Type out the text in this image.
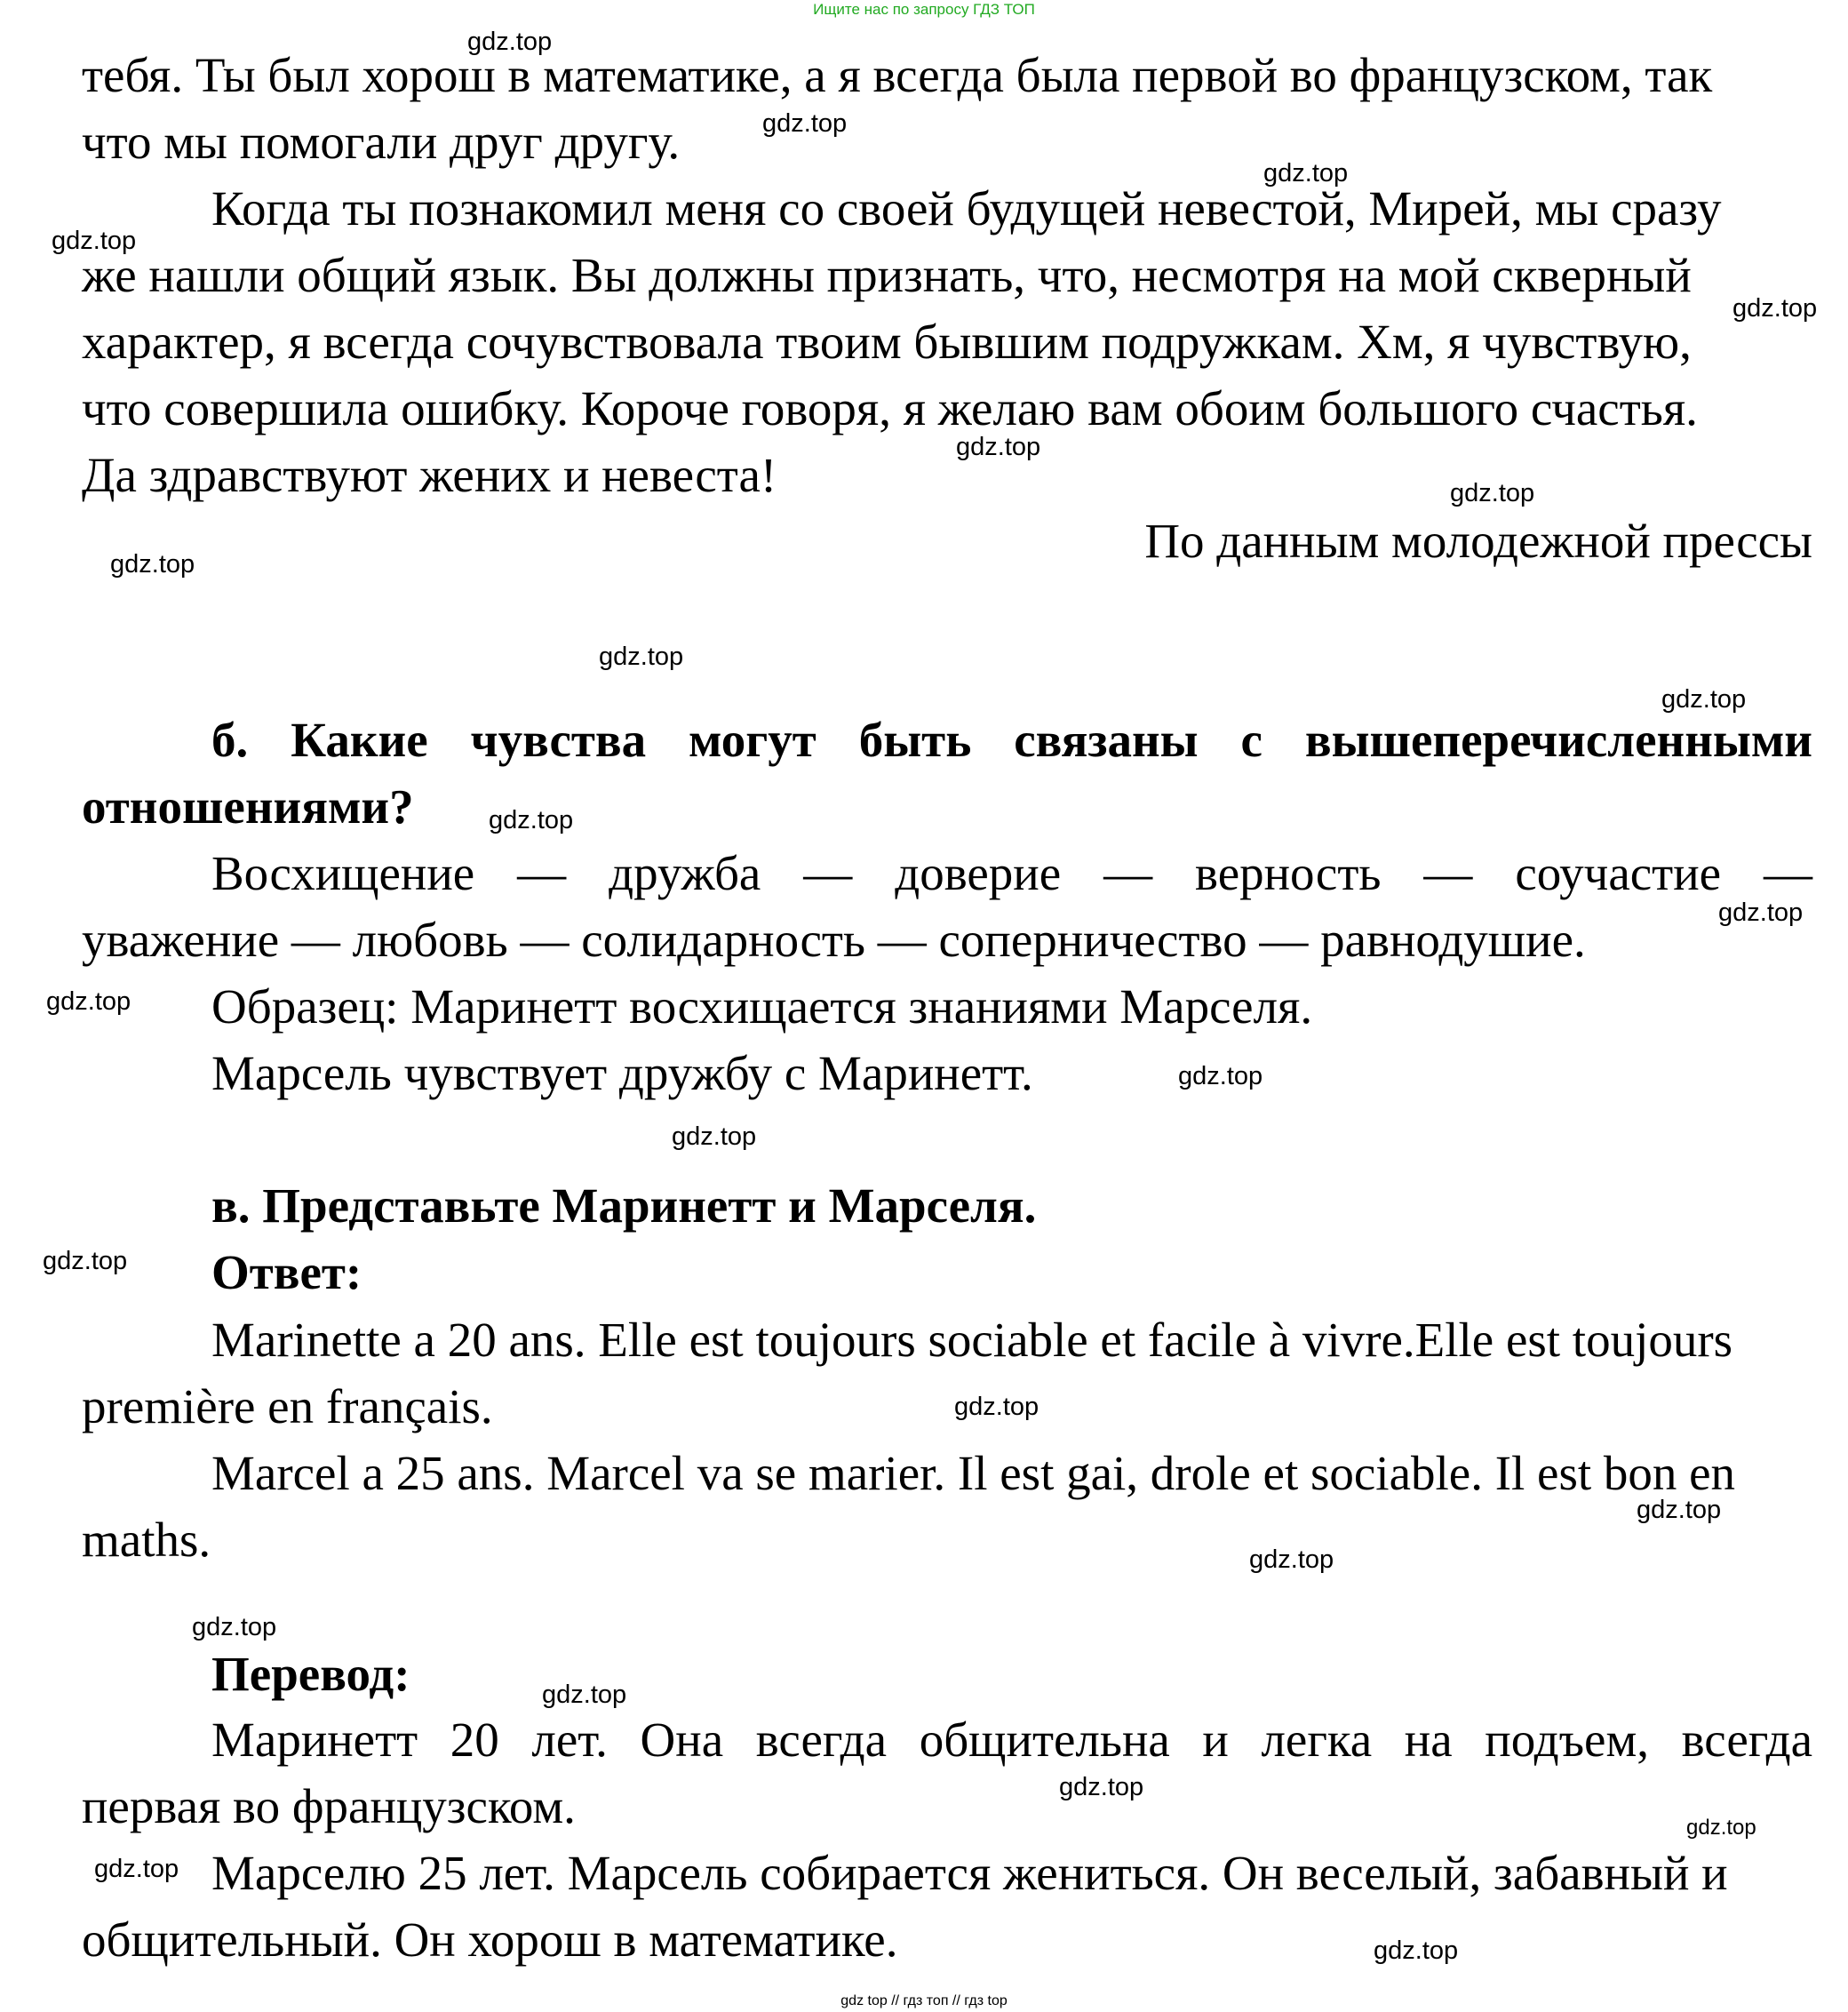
Ищите нас по запросу ГДЗ ТОП
тебя. Ты был хорош в математике, а я всегда была первой во французском, так
что мы помогали друг другу.
Когда ты познакомил меня со своей будущей невестой, Мирей, мы сразу
же нашли общий язык. Вы должны признать, что, несмотря на мой скверный
характер, я всегда сочувствовала твоим бывшим подружкам. Хм, я чувствую,
что совершила ошибку. Короче говоря, я желаю вам обоим большого счастья.
Да здравствуют жених и невеста!
По данным молодежной прессы
б. Какие чувства могут быть связаны с вышеперечисленными
отношениями?
Восхищение — дружба — доверие — верность — соучастие —
уважение — любовь — солидарность — соперничество — равнодушие.
Образец: Маринетт восхищается знаниями Марселя.
Марсель чувствует дружбу с Маринетт.
в. Представьте Маринетт и Марселя.
Ответ:
Marinette a 20 ans. Elle est toujours sociable et facile à vivre.Elle est toujours
première en français.
Marcel a 25 ans. Marcel va se marier. Il est gai, drole et sociable. Il est bon en
maths.
Перевод:
Маринетт 20 лет. Она всегда общительна и легка на подъем, всегда
первая во французском.
Марселю 25 лет. Марсель собирается жениться. Он веселый, забавный и
общительный. Он хорош в математике.
gdz.top
gdz.top
gdz.top
gdz.top
gdz.top
gdz.top
gdz.top
gdz.top
gdz.top
gdz.top
gdz.top
gdz.top
gdz.top
gdz.top
gdz.top
gdz.top
gdz.top
gdz.top
gdz.top
gdz.top
gdz.top
gdz.top
gdz.top
gdz.top
gdz.top
gdz top // гдз топ // гдз top
